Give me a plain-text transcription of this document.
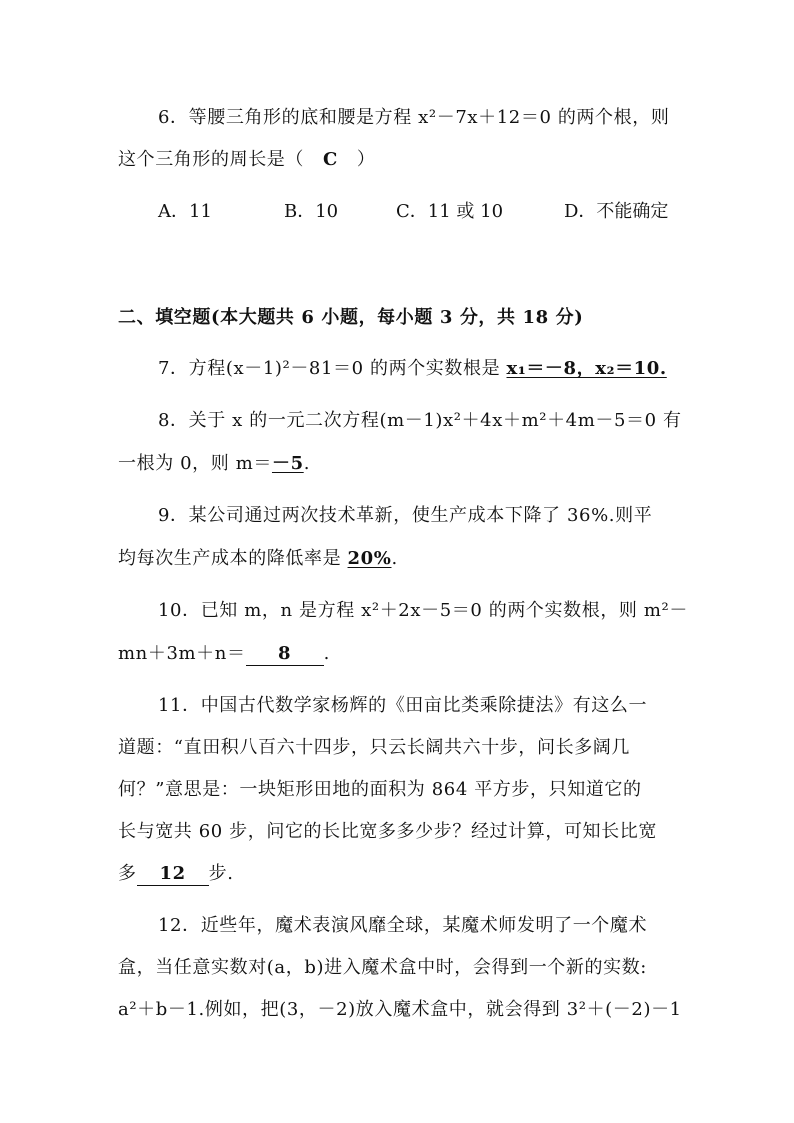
6．等腰三角形的底和腰是方程 x²－7x＋12＝0 的两个根，则
这个三角形的周长是（ C ）
A．11	B．10	C．11 或 10	D．不能确定
二、填空题(本大题共 6 小题，每小题 3 分，共 18 分)
7．方程(x－1)²－81＝0 的两个实数根是 x₁＝－8，x₂＝10.
8．关于 x 的一元二次方程(m－1)x²＋4x＋m²＋4m－5＝0 有
一根为 0，则 m＝－5.
9．某公司通过两次技术革新，使生产成本下降了 36%.则平
均每次生产成本的降低率是 20%.
10．已知 m，n 是方程 x²＋2x－5＝0 的两个实数根，则 m²－
mn＋3m＋n＝ 8 .
11．中国古代数学家杨辉的《田亩比类乘除捷法》有这么一
道题：“直田积八百六十四步，只云长阔共六十步，问长多阔几
何？”意思是：一块矩形田地的面积为 864 平方步，只知道它的
长与宽共 60 步，问它的长比宽多多少步？经过计算，可知长比宽
多 12 步.
12．近些年，魔术表演风靡全球，某魔术师发明了一个魔术
盒，当任意实数对(a，b)进入魔术盒中时，会得到一个新的实数:
a²＋b－1.例如，把(3，－2)放入魔术盒中，就会得到 3²＋(－2)－1
